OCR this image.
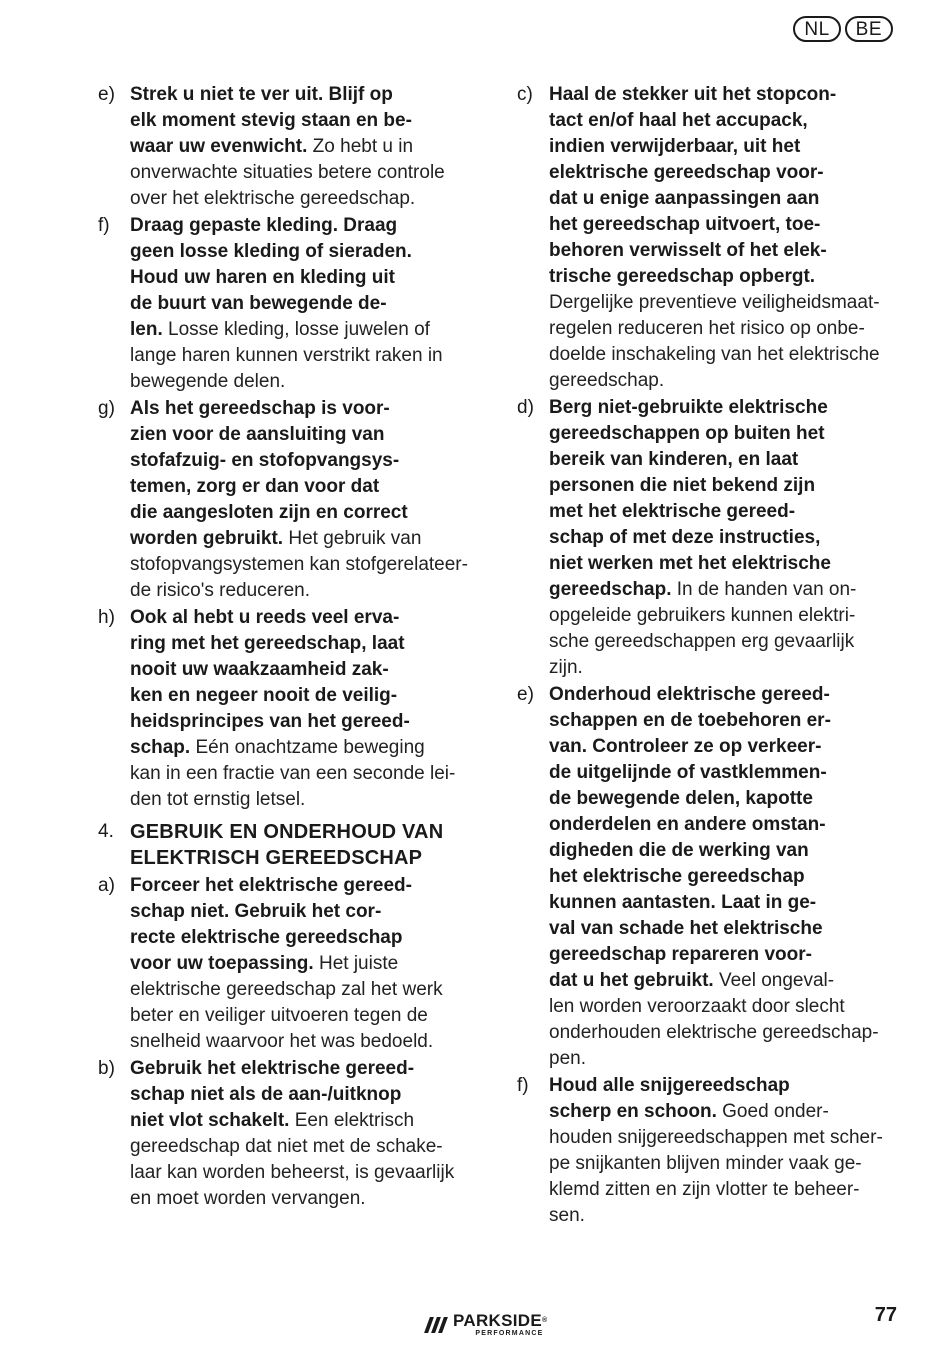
NL	BE
e) Strek u niet te ver uit. Blijf op
elk moment stevig staan en be-
waar uw evenwicht. Zo hebt u in
onverwachte situaties betere controle
over het elektrische gereedschap.
f)	Draag gepaste kleding. Draag
geen losse kleding of sieraden.
Houd uw haren en kleding uit
de buurt van bewegende de-
len. Losse kleding, losse juwelen of
lange haren kunnen verstrikt raken in
bewegende delen.
g) Als het gereedschap is voor-
zien voor de aansluiting van
stofafzuig- en stofopvangsys-
temen, zorg er dan voor dat
die aangesloten zijn en correct
worden gebruikt. Het gebruik van
stofopvangsystemen kan stofgerelateer-
de risico's reduceren.
h) Ook al hebt u reeds veel erva-
ring met het gereedschap, laat
nooit uw waakzaamheid zak-
ken en negeer nooit de veilig-
heidsprincipes van het gereed-
schap. Eén onachtzame beweging
kan in een fractie van een seconde lei-
den tot ernstig letsel.
4. GEBRUIK EN ONDERHOUD VAN
ELEKTRISCH GEREEDSCHAP
a) Forceer het elektrische gereed-
schap niet. Gebruik het cor-
recte elektrische gereedschap
voor uw toepassing. Het juiste
elektrische gereedschap zal het werk
beter en veiliger uitvoeren tegen de
snelheid waarvoor het was bedoeld.
b) Gebruik het elektrische gereed-
schap niet als de aan-/uitknop
niet vlot schakelt. Een elektrisch
gereedschap dat niet met de schake-
laar kan worden beheerst, is gevaarlijk
en moet worden vervangen.
c) Haal de stekker uit het stopcon-
tact en/of haal het accupack,
indien verwijderbaar, uit het
elektrische gereedschap voor-
dat u enige aanpassingen aan
het gereedschap uitvoert, toe-
behoren verwisselt of het elek-
trische gereedschap opbergt.
Dergelijke preventieve veiligheidsmaat-
regelen reduceren het risico op onbe-
doelde inschakeling van het elektrische
gereedschap.
d) Berg niet-gebruikte elektrische
gereedschappen op buiten het
bereik van kinderen, en laat
personen die niet bekend zijn
met het elektrische gereed-
schap of met deze instructies,
niet werken met het elektrische
gereedschap. In de handen van on-
opgeleide gebruikers kunnen elektri-
sche gereedschappen erg gevaarlijk
zijn.
e) Onderhoud elektrische gereed-
schappen en de toebehoren er-
van. Controleer ze op verkeer-
de uitgelijnde of vastklemmen-
de bewegende delen, kapotte
onderdelen en andere omstan-
digheden die de werking van
het elektrische gereedschap
kunnen aantasten. Laat in ge-
val van schade het elektrische
gereedschap repareren voor-
dat u het gebruikt. Veel ongeval-
len worden veroorzaakt door slecht
onderhouden elektrische gereedschap-
pen.
f)	Houd alle snijgereedschap
scherp en schoon. Goed onder-
houden snijgereedschappen met scher-
pe snijkanten blijven minder vaak ge-
klemd zitten en zijn vlotter te beheer-
sen.
PARKSIDE®
PERFORMANCE
77
